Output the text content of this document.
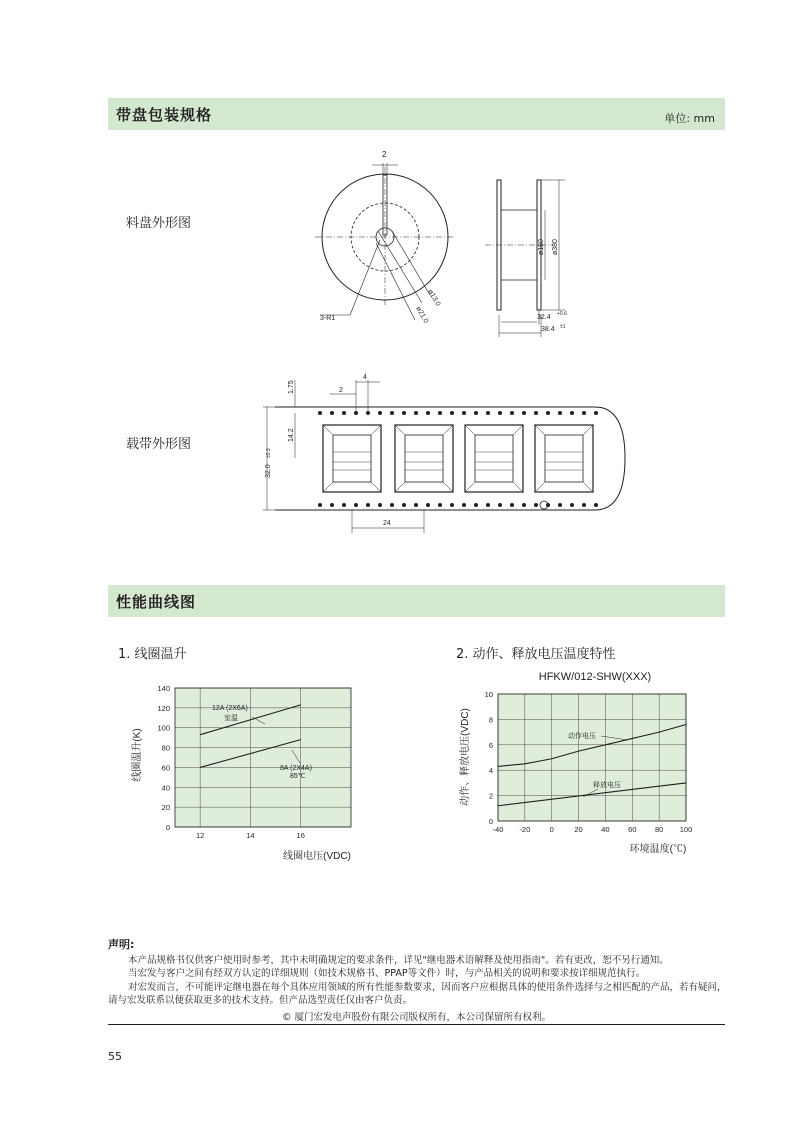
带盘包装规格	单位: mm
料盘外形图
2
3-R1
ø13.0
ø21.0
ø150 ø380
32.4 +0.6
38.4 ±1
载带外形图
32.0
±0.3
14.2
1.75
4
2
24
性能曲线图
1. 线圈温升	2. 动作、释放电压温度特性
0
20
40
60
80
100
120
140
12	14	16
线圈温升(K)
线圈电压(VDC)
12A (2X6A)
室温
8A (2X4A)
85℃
HFKW/012-SHW(XXX)
0
2
4
6
8
10
-40 -20	0	20 40 60 80 100
动作、释放电压(VDC)
环境温度(℃)
动作电压
释放电压
声明:

本产品规格书仅供客户使用时参考，其中未明确规定的要求条件，详见"继电器术语解释及使用指南"。若有更改，恕不另行通知。

当宏发与客户之间有经双方认定的详细规则（如技术规格书、PPAP等文件）时，与产品相关的说明和要求按详细规范执行。

对宏发而言，不可能评定继电器在每个具体应用领域的所有性能参数要求，因而客户应根据具体的使用条件选择与之相匹配的产品，若有疑问，请与宏发联系以便获取更多的技术支持。但产品选型责任仅由客户负责。

© 厦门宏发电声股份有限公司版权所有，本公司保留所有权利。
55
